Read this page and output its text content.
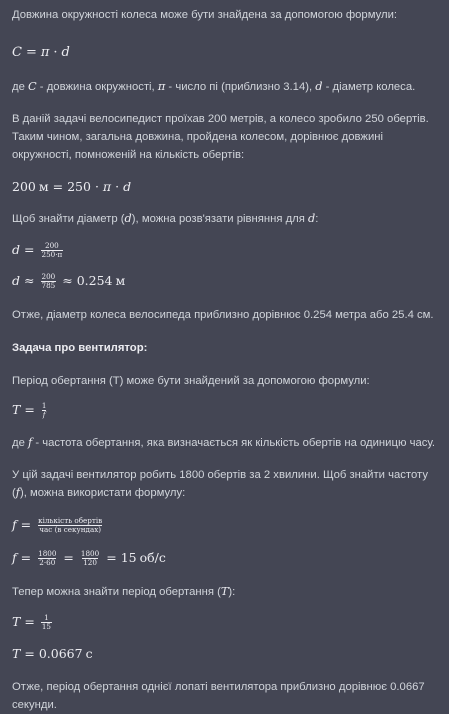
Довжина окружності колеса може бути знайдена за допомогою формули:

C = π · d

де C - довжина окружності, π - число пі (приблизно 3.14), d - діаметр колеса.

В даній задачі велосипедист проїхав 200 метрів, а колесо зробило 250 обертів. Таким чином, загальна довжина, пройдена колесом, дорівнює довжині окружності, помноженій на кількість обертів:

200 м = 250 · π · d

Щоб знайти діаметр (d), можна розв'язати рівняння для d:

$d = \frac{200}{250\cdot\pi}$
$d \approx \frac{200}{785} \approx 0.254$ м

Отже, діаметр колеса велосипеда приблизно дорівнює 0.254 метра або 25.4 см.

Задача про вентилятор:

Період обертання (T) може бути знайдений за допомогою формули:

$T = \frac{1}{f}$

де f - частота обертання, яка визначається як кількість обертів на одиницю часу.

У цій задачі вентилятор робить 1800 обертів за 2 хвилини. Щоб знайти частоту (f), можна використати формулу:

$f = \frac{\text{кількість обертів}}{\text{час (в секундах)}}$
$f = \frac{1800}{2\cdot 60} = \frac{1800}{120} = 15$ об/с

Тепер можна знайти період обертання (T):

$T = \frac{1}{15}$
T = 0.0667 с

Отже, період обертання однієї лопаті вентилятора приблизно дорівнює 0.0667 секунди.
